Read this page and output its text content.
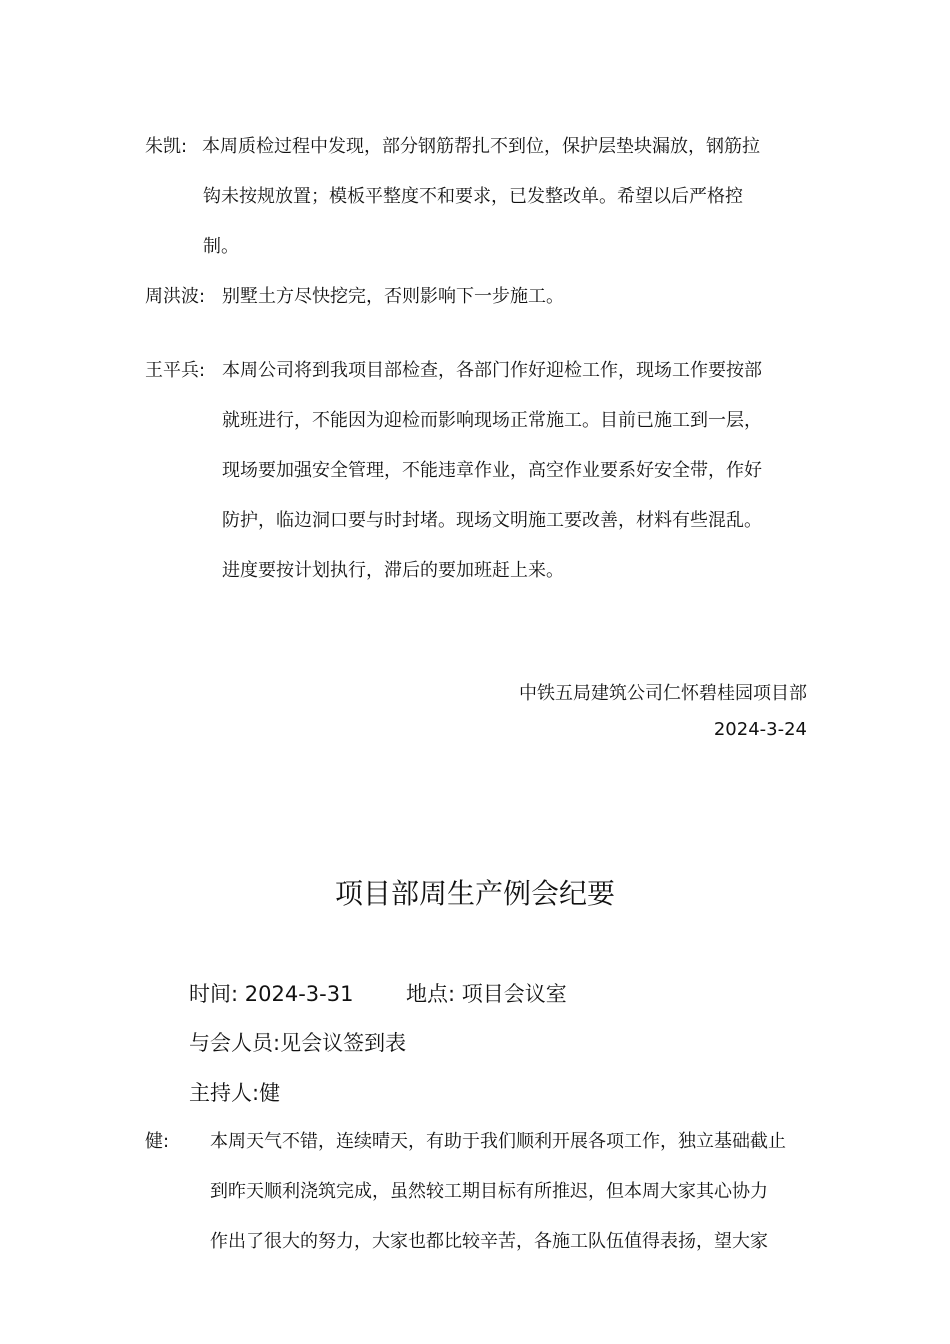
朱凯: 本周质检过程中发现，部分钢筋帮扎不到位，保护层垫块漏放，钢筋拉
钩未按规放置；模板平整度不和要求，已发整改单。希望以后严格控
制。
周洪波: 别墅土方尽快挖完，否则影响下一步施工。
王平兵: 本周公司将到我项目部检查，各部门作好迎检工作，现场工作要按部
就班进行，不能因为迎检而影响现场正常施工。目前已施工到一层，
现场要加强安全管理，不能违章作业，高空作业要系好安全带，作好
防护，临边洞口要与时封堵。现场文明施工要改善，材料有些混乱。
进度要按计划执行，滞后的要加班赶上来。
中铁五局建筑公司仁怀碧桂园项目部
2024-3-24
项目部周生产例会纪要
时间: 2024-3-31	地点: 项目会议室
与会人员:见会议签到表
主持人:健
健:	本周天气不错，连续晴天，有助于我们顺利开展各项工作，独立基础截止
到昨天顺利浇筑完成，虽然较工期目标有所推迟，但本周大家其心协力
作出了很大的努力，大家也都比较辛苦，各施工队伍值得表扬，望大家
